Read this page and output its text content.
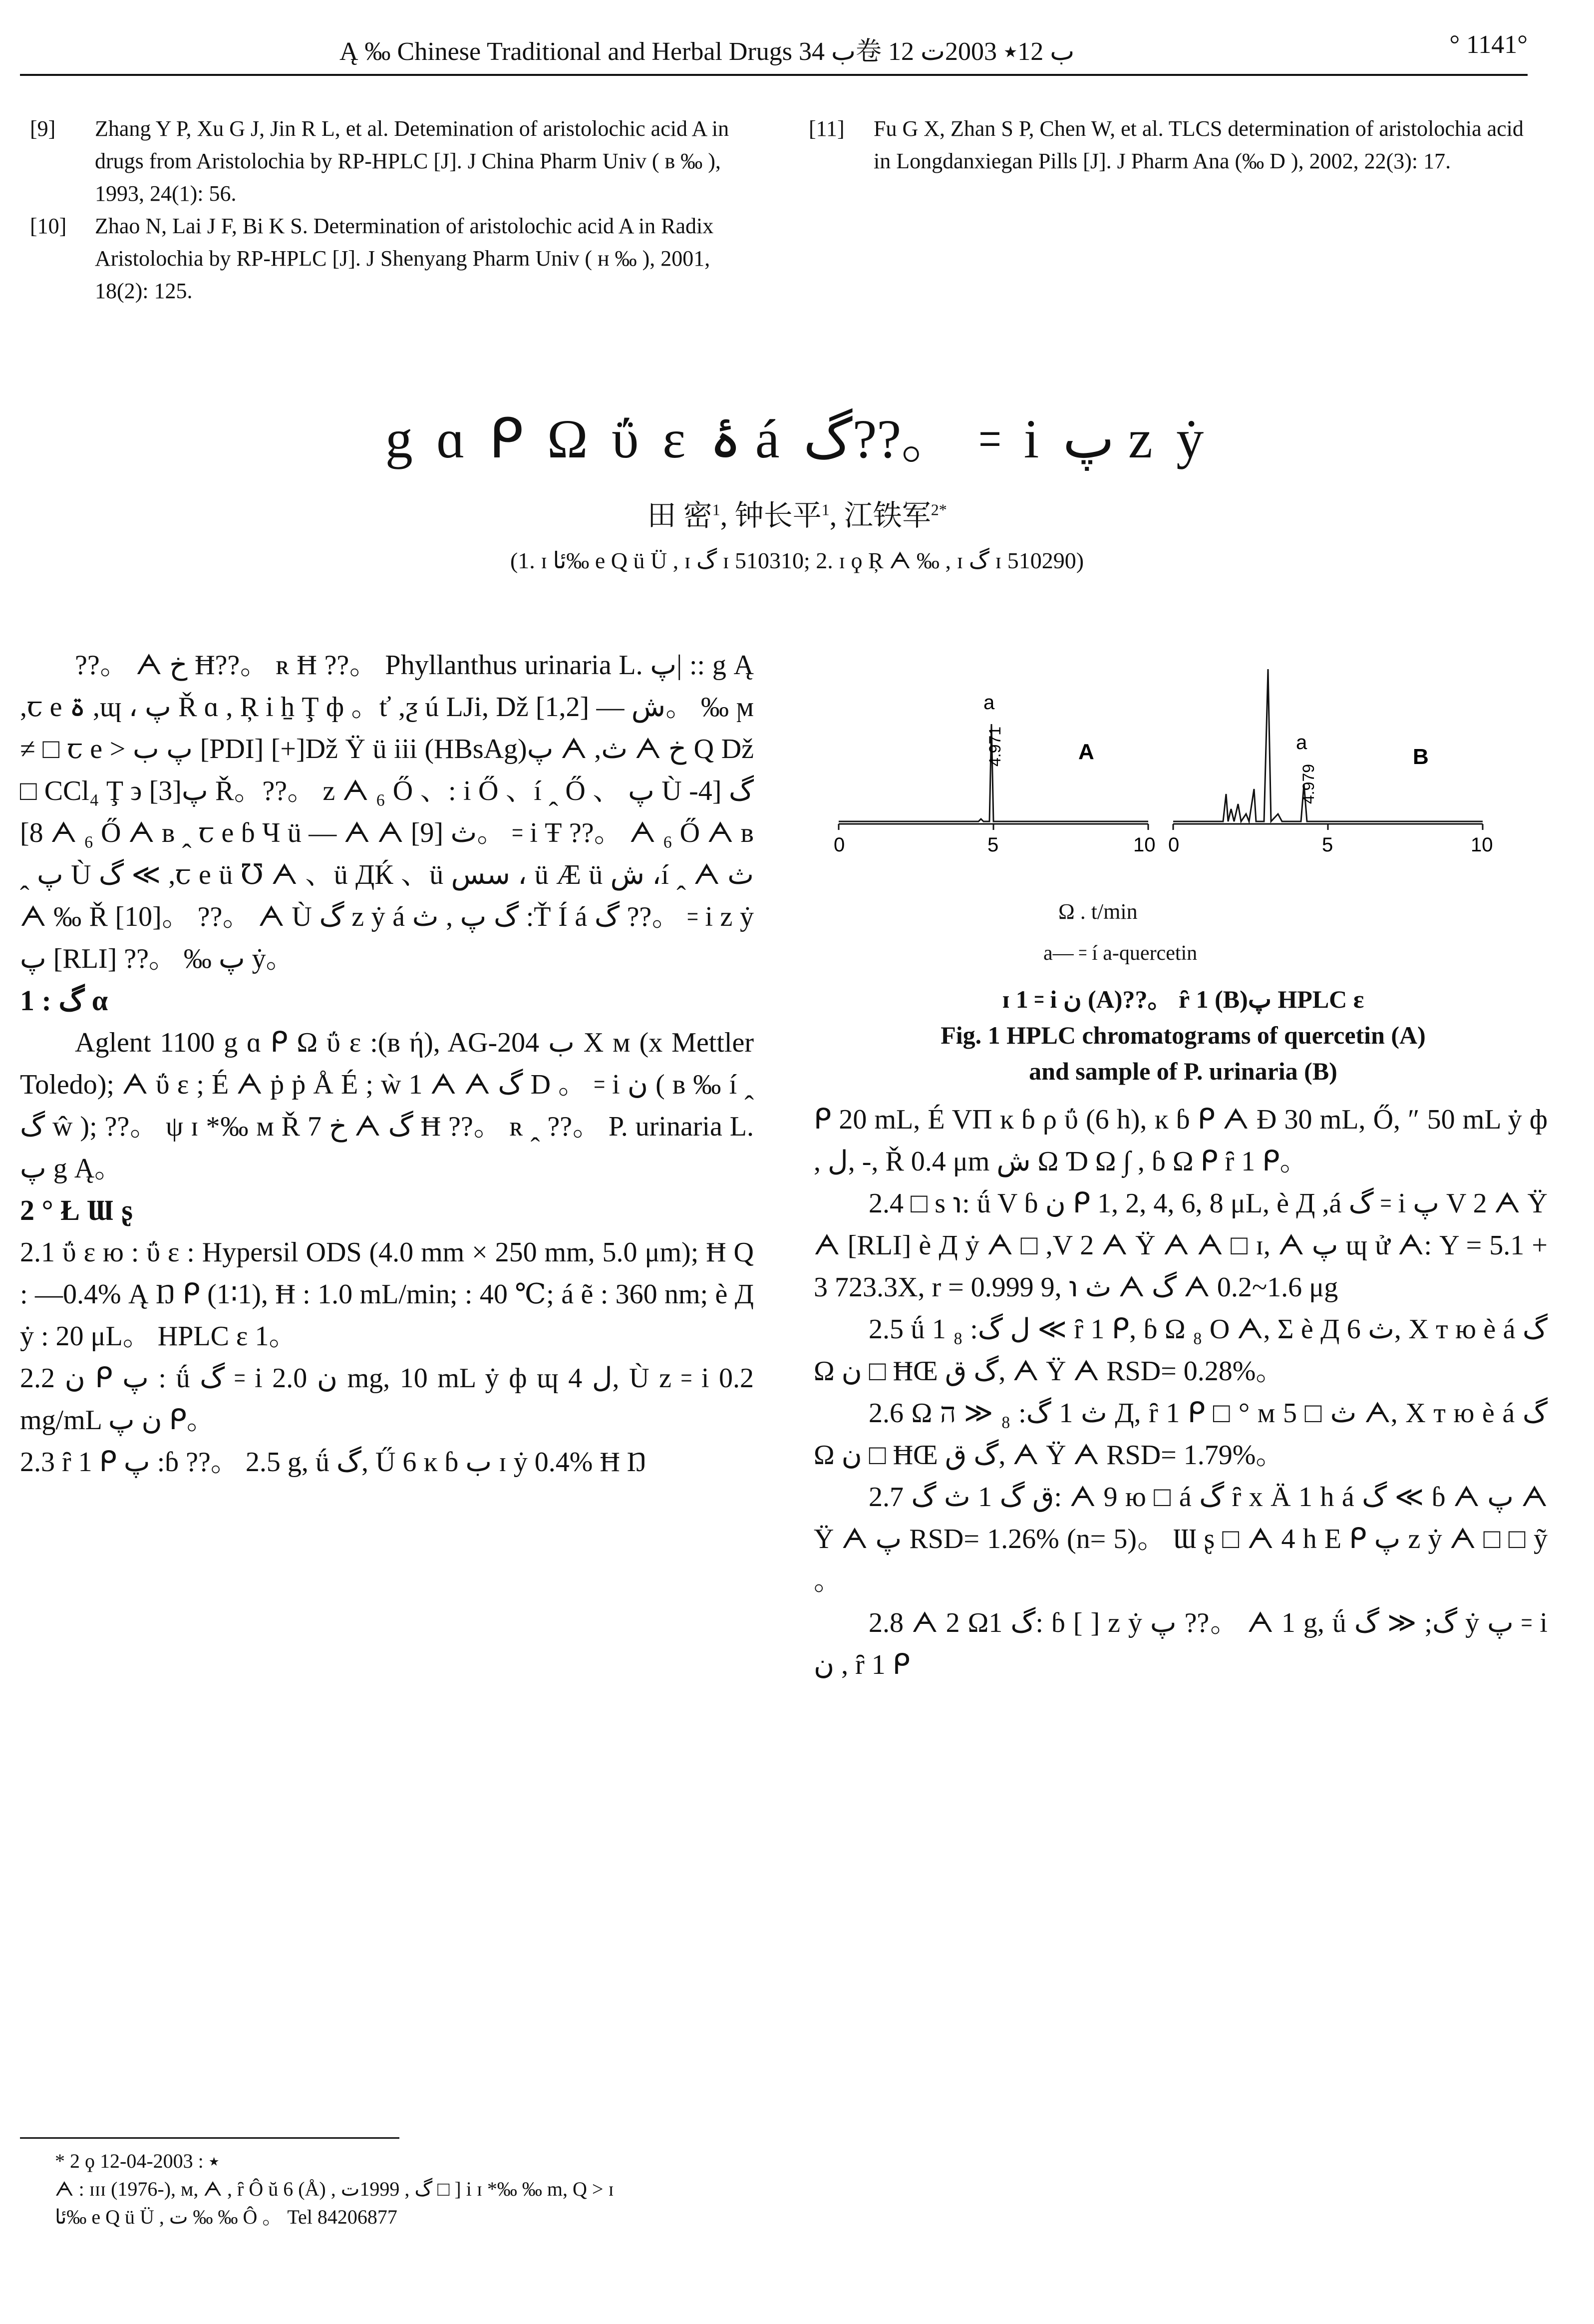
Ą ‰ Chinese Traditional and Herbal Drugs ب 34卷 ب 12٭ 2003ت 12	° 1141°

[9] Zhang Y P, Xu G J, Jin R L, et al. Detemination of aristolochic acid A in drugs from Aristolochia by RP-HPLC [J]. J China Pharm Univ ( ʙ ‰ ), 1993, 24(1): 56.

[10] Zhao N, Lai J F, Bi K S. Determination of aristolochic acid A in Radix Aristolochia by RP-HPLC [J]. J Shenyang Pharm Univ ( ʜ ‰ ), 2001, 18(2): 125.

[11] Fu G X, Zhan S P, Chen W, et al. TLCS determination of aristolochia acid in Longdanxiegan Pills [J]. J Pharm Ana (‰ D ), 2002, 22(3): 17.

g ɑ ᑭ Ω ΰ ɛ ۂ á گ??。 ꞊ i پ z ẏ
田 密$^1$, 钟长平$^1$, 江铁军$^{2*}$
(1. ɪ ئا‰ e Q ü Ü , ɪ گ ɪ 510310; 2. ɪ ϙ Ŗ ᗅ ‰ , ɪ گ ɪ 510290)

??。 ᗅ خ Ħ??。 ʀ Ħ ??。 Phyllanthus urinaria L. پ| :: g Ą ,ꞇ e ۃ ,ɰ ، پ Ř ɑ , Ŗ i ẖ Ţ ф 。ť ,ƺ ú LJi, Dž ش — [1,2]。 ‰ ϻ ≠ □ ꞇ e > پ ب [PDI] [+]Dž Ÿ ü iii (HBsAg)پ ᗅ ,ث ᗅ خ Q Dž □ CCl₄ Ţ ϶ [3]پ Ř。??。 z ᗅ ₆ Ő 、: i Ő 、í ꞈ Ő 、 پ Ù گ [4-8] ᗅ ₆ Ő ᗅ ʙ ꞈ ꞇ e ɓ Ч ü — ᗅ ᗅ ث [9]。 ꞊ i Ŧ ??。 ᗅ ₆ Ő ᗅ ʙ ꞈ پ Ù گ ≪ ,ꞇ e ü ℧ ᗅ 、ü ДЌ 、ü سس ، ü Æ ü ش ،í ꞈ ᗅ ث ᗅ ‰ Ř [10]。 ??。 ᗅ Ù گ z ẏ á گ پ , ث :Ť Í á گ ??。 ꞊ i z ẏ پ [RLI] ??。 ‰ پ ẏ。

1 : گ α

Aglent 1100 g ɑ ᑭ Ω ΰ ɛ :(ʙ ή), AG-204 ب X ᴍ (x Mettler Toledo); ᗅ ΰ ɛ ; É ᗅ ṗ ṗ Å É ; ẁ 1 ᗅ ᗅ گ D 。 ꞊ i ن ( ʙ ‰ í ꞈ گ ŵ ); ??。 ψ ɪ *‰ ᴍ Ř 7 خ ᗅ گ Ħ ??。 ʀ ꞈ ??。 P. urinaria L. پ g Ą。

2 ° Ł Ɯ ʂ

2.1 ΰ ɛ ю : ΰ ɛ : Hypersil ODS (4.0 mm × 250 mm, 5.0 μm); Ħ Q : —0.4% Ą Ŋ ᑭ (1∶1), Ħ : 1.0 mL/min; : 40 ℃; á ẽ : 360 nm; è Д ẏ : 20 μL。 HPLC ɛ 1。

2.2 ن ᑭ پ : ǘ گ ꞊ i ن 2.0 mg, 10 mL ẏ ф ɰ 4 ل, Ù z ꞊ i 0.2 mg/mL ن پ ᑭ。

2.3 ȓ 1 ᑭ پ :ɓ ??。 2.5 g, ǘ گ, Ű 6 ĸ ɓ ب ɪ ẏ 0.4% Ħ Ŋ

a
4.971	A	a
4.979
B
0	5	10 0	5	10
Ω . t/min
a— ꞊ í a-quercetin
ɪ 1 ꞊ i ن (A)??。 ȓ 1 (B)پ HPLC ɛ
Fig. 1 HPLC chromatograms of quercetin (A)
and sample of P. urinaria (B)

ᑭ 20 mL, É VΠ ĸ ɓ ρ ΰ (6 h), ĸ ɓ ᑭ ᗅ Ɖ 30 mL, Ő, ″ 50 mL ẏ ф , ل, -, Ř 0.4 μm ش Ω Ɗ Ω ∫ , ɓ Ω ᑭ ȓ 1 ᑭ。

2.4 □ s ℩: ǘ V ɓ ن ᑭ 1, 2, 4, 6, 8 μL, è Д ,á گ ꞊ i پ V 2 ᗅ Ÿ ᗅ [RLI] è Д ẏ ᗅ □ ,V 2 ᗅ Ÿ ᗅ ᗅ □ ɪ, ᗅ پ ɰ ử ᗅ: Y = 5.1 + 3 723.3X, r = 0.999 9, ℩ ث ᗅ گ ᗅ 0.2~1.6 μg

2.5 ǘ 1 ل گ: ₈ ≪ ȓ 1 ᑭ, ɓ Ω ₈ O ᗅ, Σ è Д 6 ث, Χ т ю è á گ Ω ن □ ĦŒ گ ق, ᗅ Ÿ ᗅ RSD= 0.28%。

2.6 Ω ث 1 گ: ₈ ≪ ה Д, ȓ 1 ᑭ □ ° ᴍ ث □ 5 ᗅ, Χ т ю è á گ Ω ن □ ĦŒ گ ق, ᗅ Ÿ ᗅ RSD= 1.79%。

2.7 ق گ 1 ث گ: ᗅ 9 ю □ á گ ȓ x Ä 1 h á گ ≪ ɓ ᗅ پ ᗅ Ÿ ᗅ پ RSD= 1.26% (n= 5)。 Ɯ ʂ □ ᗅ 4 h E ᑭ پ z ẏ ᗅ □ □ ỹ 。

2.8 ᗅ 2 Ω1 گ: ɓ [ ] z ẏ پ ??。 ᗅ 1 g, ǘ گ; ≪ گ ẏ پ ꞊ i ن , ȓ 1 ᑭ

* 2 ϙ ٭ : 2003-04-12

ᗅ : ɪɪɪ (1976-), ᴍ, ᗅ , ȓ Ô ŭ 6 (Å) , گ , 1999ت □ ] i ɪ *‰ ‰ m, Q > ɪ

ئا‰ e Q ü Ü , ت ‰ ‰ Ô 。 Tel 84206877
